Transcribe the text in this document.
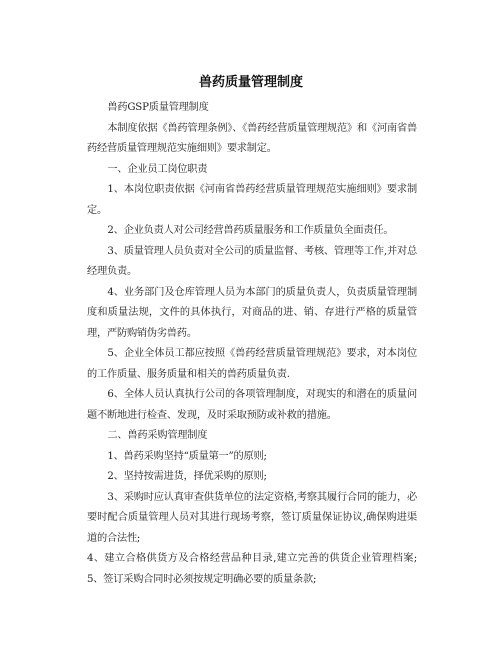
兽药质量管理制度

兽药GSP质量管理制度

本制度依据《兽药管理条例》、《兽药经营质量管理规范》和《河南省兽药经营质量管理规范实施细则》要求制定。

一、企业员工岗位职责

1、本岗位职责依据《河南省兽药经营质量管理规范实施细则》要求制定。

2、企业负责人对公司经营兽药质量服务和工作质量负全面责任。

3、质量管理人员负责对全公司的质量监督、考核、管理等工作,并对总经理负责。

4、业务部门及仓库管理人员为本部门的质量负责人，负责质量管理制度和质量法规，文件的具体执行，对商品的进、销、存进行严格的质量管理，严防购销伪劣兽药。

5、企业全体员工都应按照《兽药经营质量管理规范》要求，对本岗位的工作质量、服务质量和相关的兽药质量负责.

6、全体人员认真执行公司的各项管理制度，对现实的和潜在的质量问题不断地进行检查、发现，及时采取预防或补救的措施。

二、兽药采购管理制度

1、兽药采购坚持“质量第一”的原则;

2、坚持按需进货，择优采购的原则;

3、采购时应认真审查供货单位的法定资格,考察其履行合同的能力，必要时配合质量管理人员对其进行现场考察，签订质量保证协议,确保购进渠道的合法性;

4、建立合格供货方及合格经营品种目录,建立完善的供货企业管理档案; 5、签订采购合同时必须按规定明确必要的质量条款;
